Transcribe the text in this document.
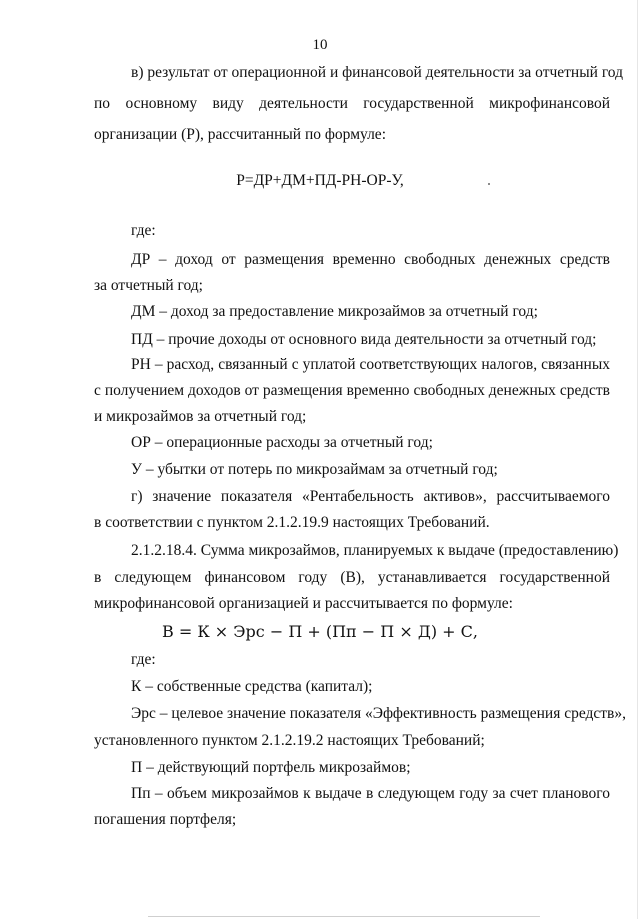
10
в) результат от операционной и финансовой деятельности за отчетный год
по основному виду деятельности государственной микрофинансовой
организации (Р), рассчитанный по формуле:
Р=ДР+ДМ+ПД-РН-ОР-У,
где:
ДР – доход от размещения временно свободных денежных средств
за отчетный год;
ДМ – доход за предоставление микрозаймов за отчетный год;
ПД – прочие доходы от основного вида деятельности за отчетный год;
РН – расход, связанный с уплатой соответствующих налогов, связанных
с получением доходов от размещения временно свободных денежных средств
и микрозаймов за отчетный год;
ОР – операционные расходы за отчетный год;
У – убытки от потерь по микрозаймам за отчетный год;
г) значение показателя «Рентабельность активов», рассчитываемого
в соответствии с пунктом 2.1.2.19.9 настоящих Требований.
2.1.2.18.4. Сумма микрозаймов, планируемых к выдаче (предоставлению)
в следующем финансовом году (В), устанавливается государственной
микрофинансовой организацией и рассчитывается по формуле:
В = К × Эрс − П + (Пп − П × Д) + С,
где:
К – собственные средства (капитал);
Эрс – целевое значение показателя «Эффективность размещения средств»,
установленного пунктом 2.1.2.19.2 настоящих Требований;
П – действующий портфель микрозаймов;
Пп – объем микрозаймов к выдаче в следующем году за счет планового
погашения портфеля;
